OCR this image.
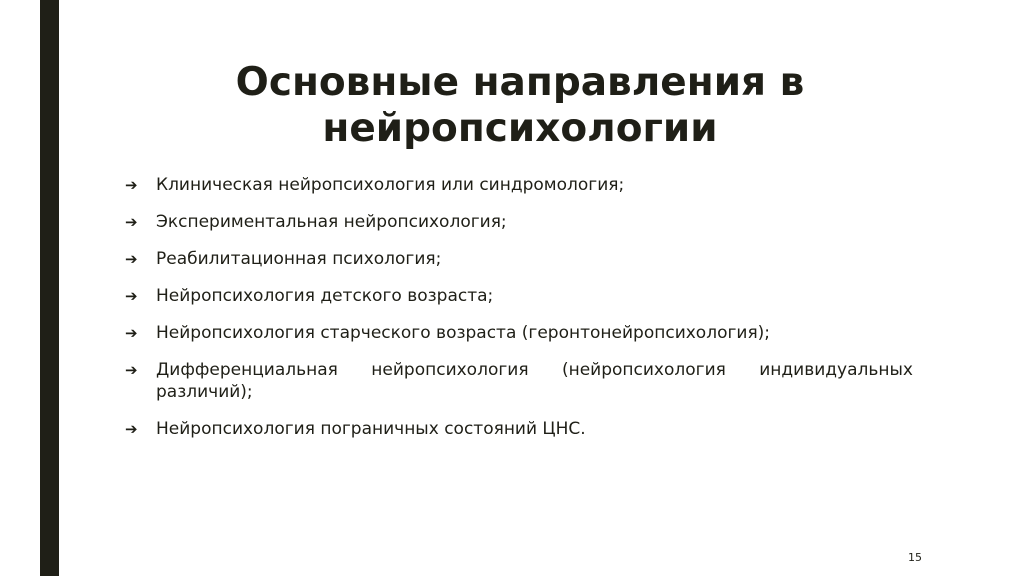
Основные направления в
нейропсихологии
➔ Клиническая нейропсихология или синдромология;
➔ Экспериментальная нейропсихология;
➔ Реабилитационная психология;
➔ Нейропсихология детского возраста;
➔ Нейропсихология старческого возраста (геронтонейропсихология);
➔ Дифференциальная нейропсихология (нейропсихология индивидуальных различий);
➔ Нейропсихология пограничных состояний ЦНС.
15
